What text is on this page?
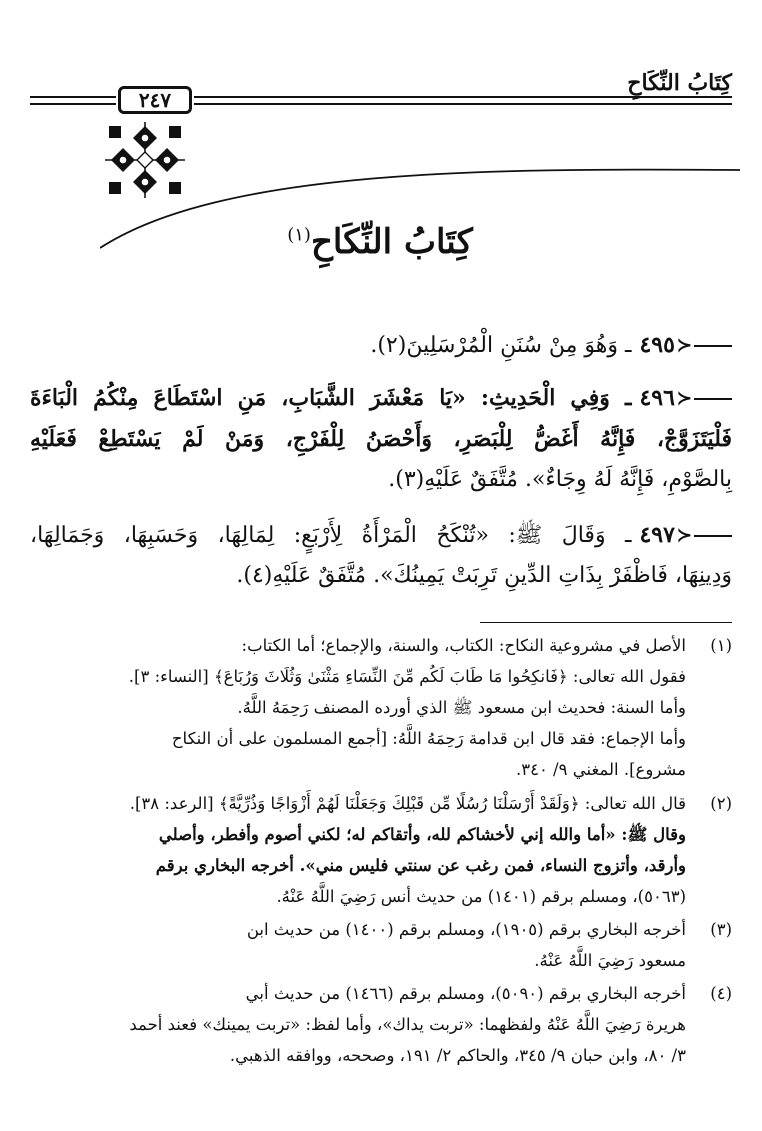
كِتَابُ النِّكَاحِ
٢٤٧
كِتَابُ النِّكَاحِ$^{(١)}$
٤٩٥ ≻ـ وَهُوَ مِنْ سُنَنِ الْمُرْسَلِينَ(٢).
٤٩٦ ≻ـ وَفِي الْحَدِيثِ: «يَا مَعْشَرَ الشَّبَابِ، مَنِ اسْتَطَاعَ مِنْكُمُ الْبَاءَةَ
فَلْيَتَزَوَّجْ، فَإِنَّهُ أَغَضُّ لِلْبَصَرِ، وَأَحْصَنُ لِلْفَرْجِ، وَمَنْ لَمْ يَسْتَطِعْ فَعَلَيْهِ
بِالصَّوْمِ، فَإِنَّهُ لَهُ وِجَاءٌ». مُتَّفَقٌ عَلَيْهِ(٣).
٤٩٧ ≻ـ وَقَالَ ﷺ: «تُنْكَحُ الْمَرْأَةُ لِأَرْبَعٍ: لِمَالِهَا، وَحَسَبِهَا، وَجَمَالِهَا،
وَدِينِهَا، فَاظْفَرْ بِذَاتِ الدِّينِ تَرِبَتْ يَمِينُكَ». مُتَّفَقٌ عَلَيْهِ(٤).
(١)
الأصل في مشروعية النكاح: الكتاب، والسنة، والإجماع؛ أما الكتاب:
فقول الله تعالى: ﴿فَانكِحُوا مَا طَابَ لَكُم مِّنَ النِّسَاءِ مَثْنَىٰ وَثُلَاثَ وَرُبَاعَ﴾ [النساء: ٣].
وأما السنة: فحديث ابن مسعود ﷺ الذي أورده المصنف رَحِمَهُ اللَّهُ.
وأما الإجماع: فقد قال ابن قدامة رَحِمَهُ اللَّهُ: [أجمع المسلمون على أن النكاح
مشروع]. المغني ٩/ ٣٤٠.
(٢)
قال الله تعالى: ﴿وَلَقَدْ أَرْسَلْنَا رُسُلًا مِّن قَبْلِكَ وَجَعَلْنَا لَهُمْ أَزْوَاجًا وَذُرِّيَّةً﴾ [الرعد: ٣٨].
وقال ﷺ: «أما والله إني لأخشاكم لله، وأتقاكم له؛ لكني أصوم وأفطر، وأصلي
وأرقد، وأتزوج النساء، فمن رغب عن سنتي فليس مني». أخرجه البخاري برقم
(٥٠٦٣)، ومسلم برقم (١٤٠١) من حديث أنس رَضِيَ اللَّهُ عَنْهُ.
(٣)
أخرجه البخاري برقم (١٩٠٥)، ومسلم برقم (١٤٠٠) من حديث ابن
مسعود رَضِيَ اللَّهُ عَنْهُ.
(٤)
أخرجه البخاري برقم (٥٠٩٠)، ومسلم برقم (١٤٦٦) من حديث أبي
هريرة رَضِيَ اللَّهُ عَنْهُ ولفظهما: «تربت يداك»، وأما لفظ: «تربت يمينك» فعند أحمد
٣/ ٨٠، وابن حبان ٩/ ٣٤٥، والحاكم ٢/ ١٩١، وصححه، ووافقه الذهبي.
